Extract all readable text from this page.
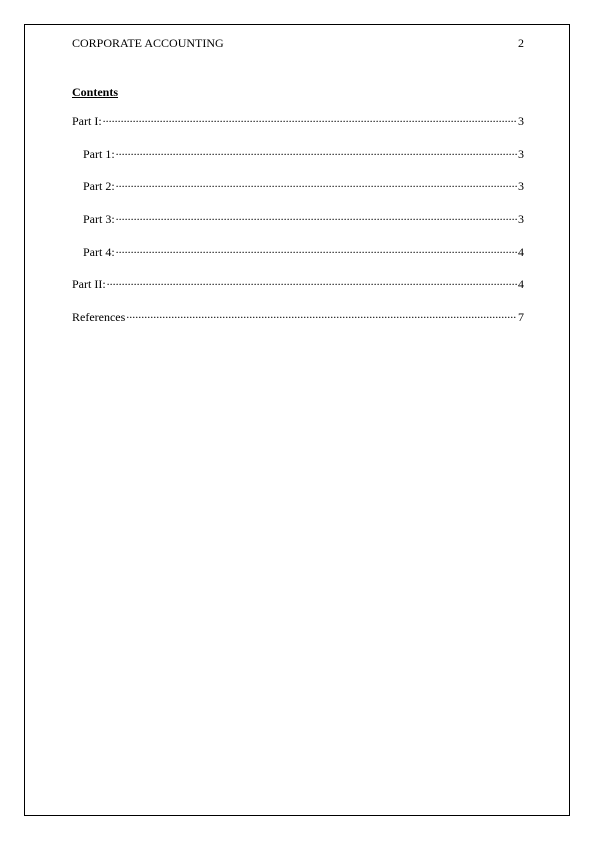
CORPORATE ACCOUNTING	2
Contents
Part I: .....	3
Part 1: .....	3
Part 2: .....	3
Part 3: .....	3
Part 4: .....	4
Part II: .....	4
References .....	7
